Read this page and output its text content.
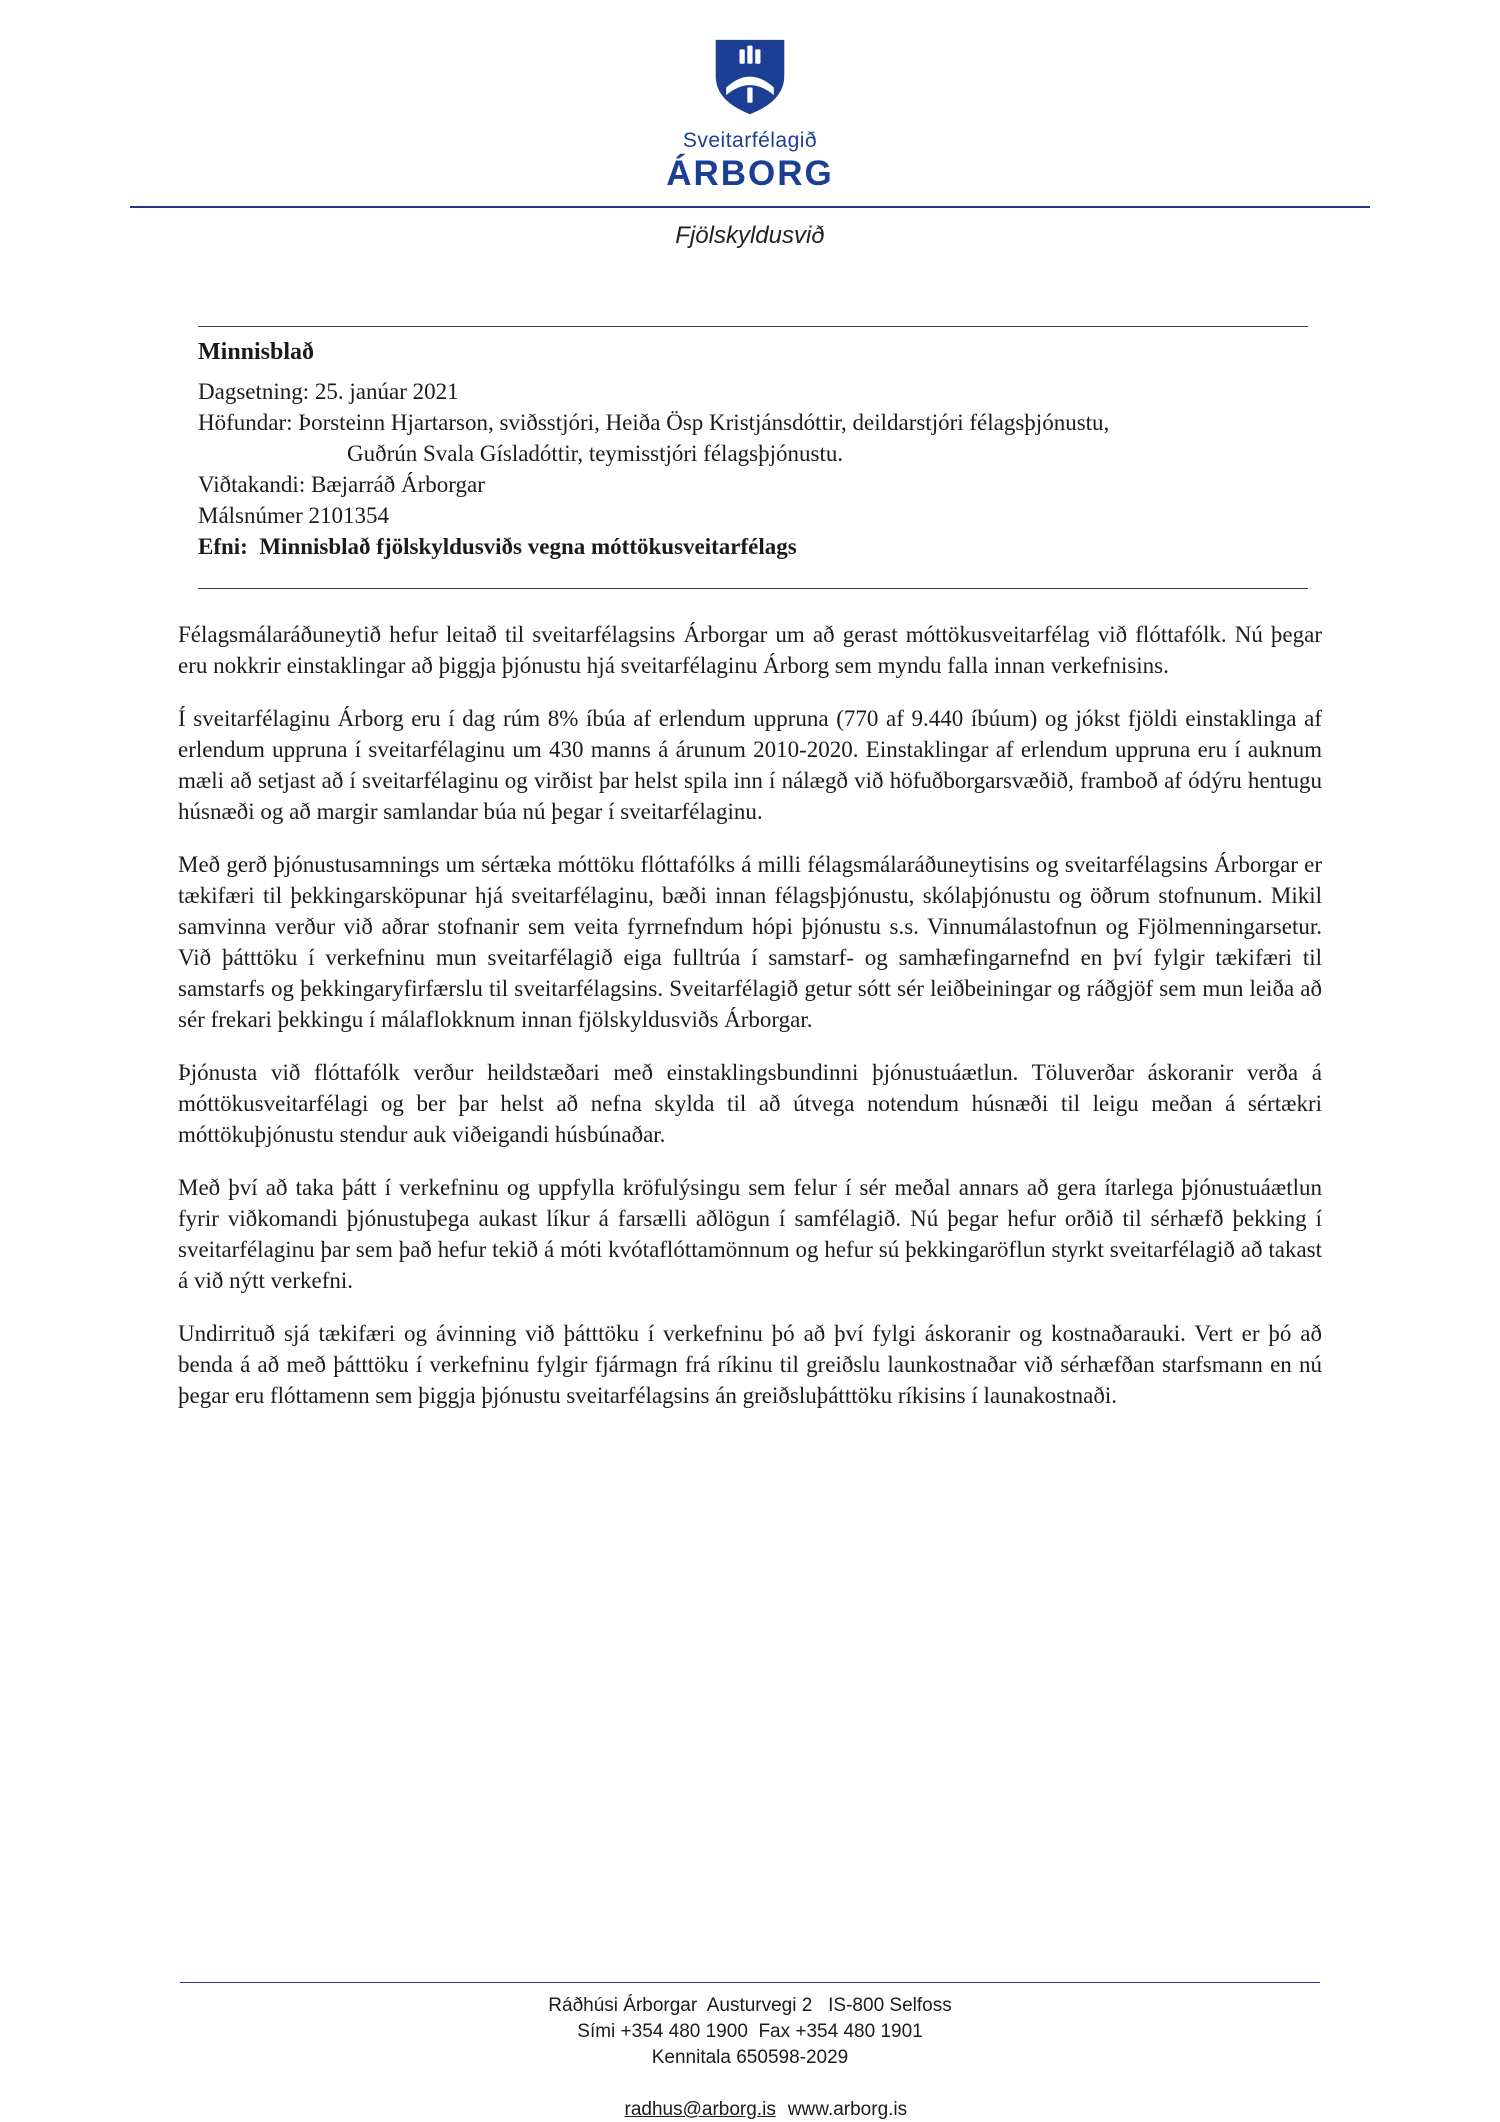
Sveitarfélagið
ÁRBORG
Fjölskyldusvið
Minnisblað
Dagsetning: 25. janúar 2021
Höfundar: Þorsteinn Hjartarson, sviðsstjóri, Heiða Ösp Kristjánsdóttir, deildarstjóri félagsþjónustu,
Guðrún Svala Gísladóttir, teymisstjóri félagsþjónustu.
Viðtakandi: Bæjarráð Árborgar
Málsnúmer 2101354
Efni:  Minnisblað fjölskyldusviðs vegna móttökusveitarfélags

Félagsmálaráðuneytið hefur leitað til sveitarfélagsins Árborgar um að gerast móttökusveitarfélag við flóttafólk. Nú þegar eru nokkrir einstaklingar að þiggja þjónustu hjá sveitarfélaginu Árborg sem myndu falla innan verkefnisins.

Í sveitarfélaginu Árborg eru í dag rúm 8% íbúa af erlendum uppruna (770 af 9.440 íbúum) og jókst fjöldi einstaklinga af erlendum uppruna í sveitarfélaginu um 430 manns á árunum 2010-2020. Einstaklingar af erlendum uppruna eru í auknum mæli að setjast að í sveitarfélaginu og virðist þar helst spila inn í nálægð við höfuðborgarsvæðið, framboð af ódýru hentugu húsnæði og að margir samlandar búa nú þegar í sveitarfélaginu.

Með gerð þjónustusamnings um sértæka móttöku flóttafólks á milli félagsmálaráðuneytisins og sveitarfélagsins Árborgar er tækifæri til þekkingarsköpunar hjá sveitarfélaginu, bæði innan félagsþjónustu, skólaþjónustu og öðrum stofnunum. Mikil samvinna verður við aðrar stofnanir sem veita fyrrnefndum hópi þjónustu s.s. Vinnumálastofnun og Fjölmenningarsetur. Við þátttöku í verkefninu mun sveitarfélagið eiga fulltrúa í samstarf- og samhæfingarnefnd en því fylgir tækifæri til samstarfs og þekkingaryfirfærslu til sveitarfélagsins. Sveitarfélagið getur sótt sér leiðbeiningar og ráðgjöf sem mun leiða að sér frekari þekkingu í málaflokknum innan fjölskyldusviðs Árborgar.

Þjónusta við flóttafólk verður heildstæðari með einstaklingsbundinni þjónustuáætlun. Töluverðar áskoranir verða á móttökusveitarfélagi og ber þar helst að nefna skylda til að útvega notendum húsnæði til leigu meðan á sértækri móttökuþjónustu stendur auk viðeigandi húsbúnaðar.

Með því að taka þátt í verkefninu og uppfylla kröfulýsingu sem felur í sér meðal annars að gera ítarlega þjónustuáætlun fyrir viðkomandi þjónustuþega aukast líkur á farsælli aðlögun í samfélagið. Nú þegar hefur orðið til sérhæfð þekking í sveitarfélaginu þar sem það hefur tekið á móti kvótaflóttamönnum og hefur sú þekkingaröflun styrkt sveitarfélagið að takast á við nýtt verkefni.

Undirrituð sjá tækifæri og ávinning við þátttöku í verkefninu þó að því fylgi áskoranir og kostnaðarauki. Vert er þó að benda á að með þátttöku í verkefninu fylgir fjármagn frá ríkinu til greiðslu launkostnaðar við sérhæfðan starfsmann en nú þegar eru flóttamenn sem þiggja þjónustu sveitarfélagsins án greiðsluþátttöku ríkisins í launakostnaði.

Ráðhúsi Árborgar  Austurvegi 2   IS-800 Selfoss
Sími +354 480 1900  Fax +354 480 1901
Kennitala 650598-2029

radhus@arborg.is www.arborg.is
